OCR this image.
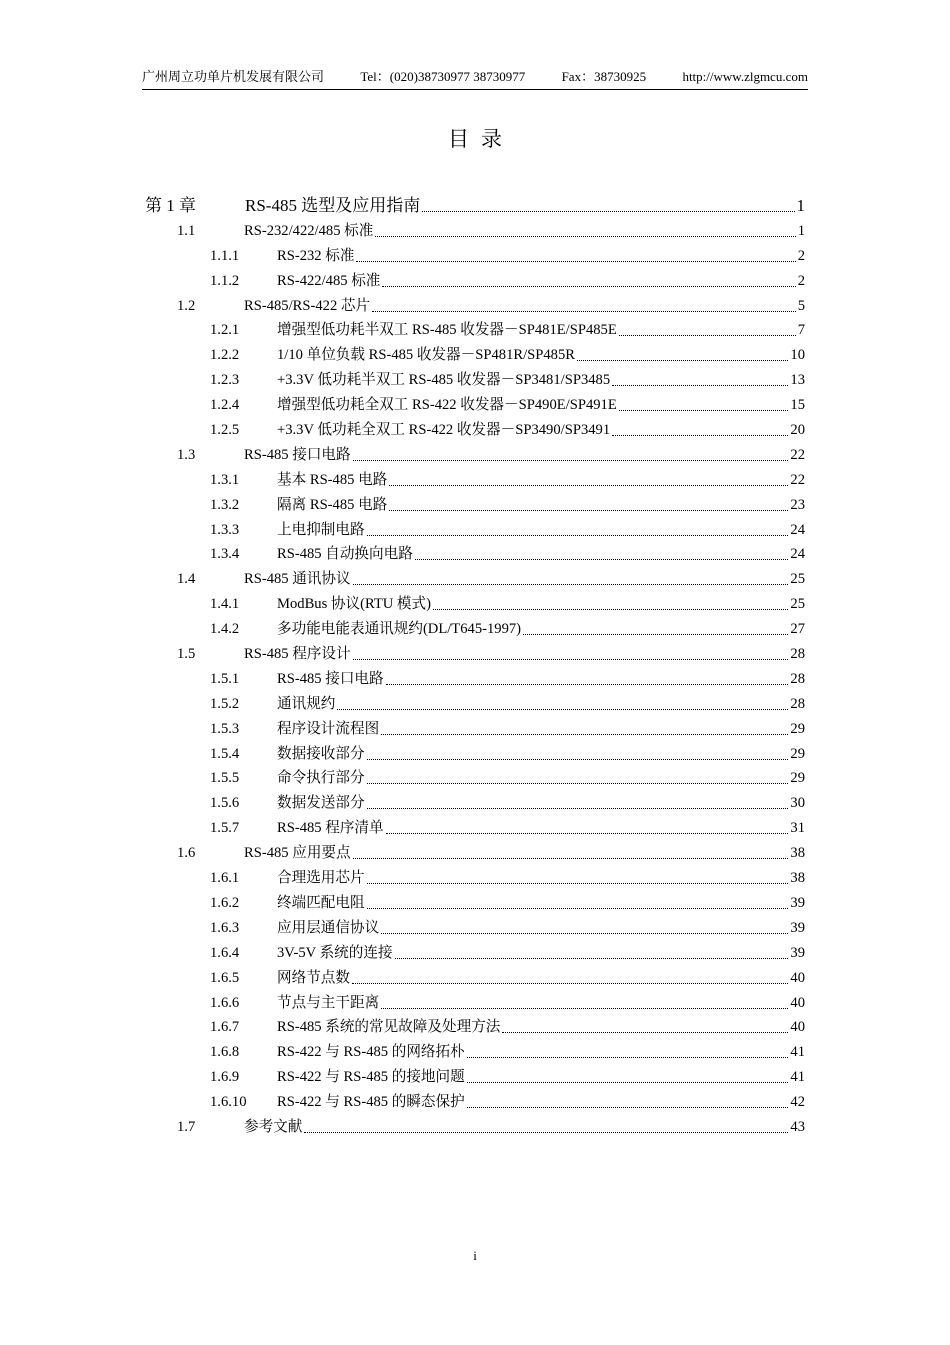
广州周立功单片机发展有限公司	Tel：(020)38730977 38730977	Fax：38730925	http://www.zlgmcu.com
目录
第 1 章	RS-485 选型及应用指南	1
1.1	RS-232/422/485 标准	1
1.1.1	RS-232 标准	2
1.1.2	RS-422/485 标准	2
1.2	RS-485/RS-422 芯片	5
1.2.1	增强型低功耗半双工 RS-485 收发器－SP481E/SP485E	7
1.2.2	1/10 单位负载 RS-485 收发器－SP481R/SP485R	10
1.2.3	+3.3V 低功耗半双工 RS-485 收发器－SP3481/SP3485	13
1.2.4	增强型低功耗全双工 RS-422 收发器－SP490E/SP491E	15
1.2.5	+3.3V 低功耗全双工 RS-422 收发器－SP3490/SP3491	20
1.3	RS-485 接口电路	22
1.3.1	基本 RS-485 电路	22
1.3.2	隔离 RS-485 电路	23
1.3.3	上电抑制电路	24
1.3.4	RS-485 自动换向电路	24
1.4	RS-485 通讯协议	25
1.4.1	ModBus 协议(RTU 模式)	25
1.4.2	多功能电能表通讯规约(DL/T645-1997)	27
1.5	RS-485 程序设计	28
1.5.1	RS-485 接口电路	28
1.5.2	通讯规约	28
1.5.3	程序设计流程图	29
1.5.4	数据接收部分	29
1.5.5	命令执行部分	29
1.5.6	数据发送部分	30
1.5.7	RS-485 程序清单	31
1.6	RS-485 应用要点	38
1.6.1	合理选用芯片	38
1.6.2	终端匹配电阻	39
1.6.3	应用层通信协议	39
1.6.4	3V-5V 系统的连接	39
1.6.5	网络节点数	40
1.6.6	节点与主干距离	40
1.6.7	RS-485 系统的常见故障及处理方法	40
1.6.8	RS-422 与 RS-485 的网络拓朴	41
1.6.9	RS-422 与 RS-485 的接地问题	41
1.6.10	RS-422 与 RS-485 的瞬态保护	42
1.7	参考文献	43
i
